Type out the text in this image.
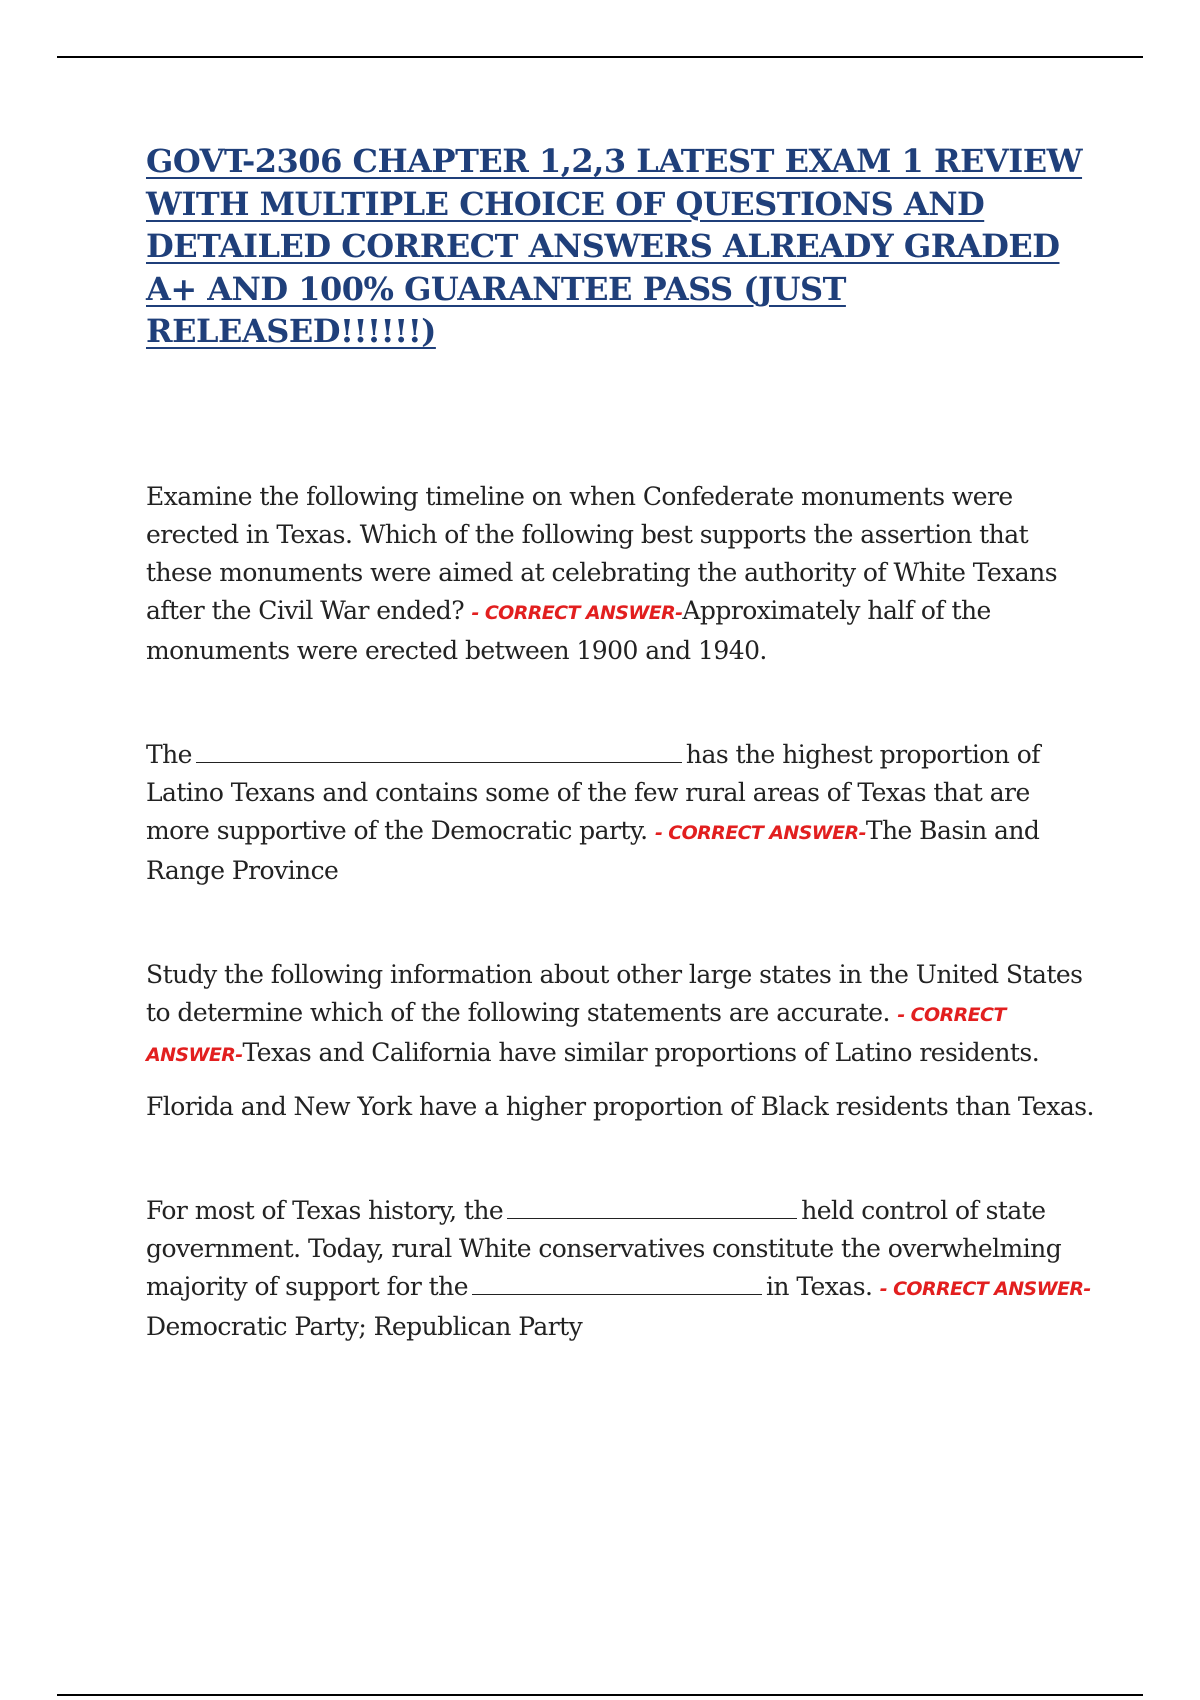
GOVT-2306 CHAPTER 1,2,3 LATEST EXAM 1 REVIEW WITH MULTIPLE CHOICE OF QUESTIONS AND DETAILED CORRECT ANSWERS ALREADY GRADED A+ AND 100% GUARANTEE PASS (JUST RELEASED!!!!!!)

Examine the following timeline on when Confederate monuments were erected in Texas. Which of the following best supports the assertion that these monuments were aimed at celebrating the authority of White Texans after the Civil War ended? - CORRECT ANSWER-Approximately half of the monuments were erected between 1900 and 1940.

The	has the highest proportion of Latino Texans and contains some of the few rural areas of Texas that are more supportive of the Democratic party. - CORRECT ANSWER-The Basin and Range Province

Study the following information about other large states in the United States to determine which of the following statements are accurate. - CORRECT ANSWER-Texas and California have similar proportions of Latino residents.

Florida and New York have a higher proportion of Black residents than Texas.

For most of Texas history, the	held control of state government. Today, rural White conservatives constitute the overwhelming majority of support for the	in Texas. - CORRECT ANSWER-Democratic Party; Republican Party
